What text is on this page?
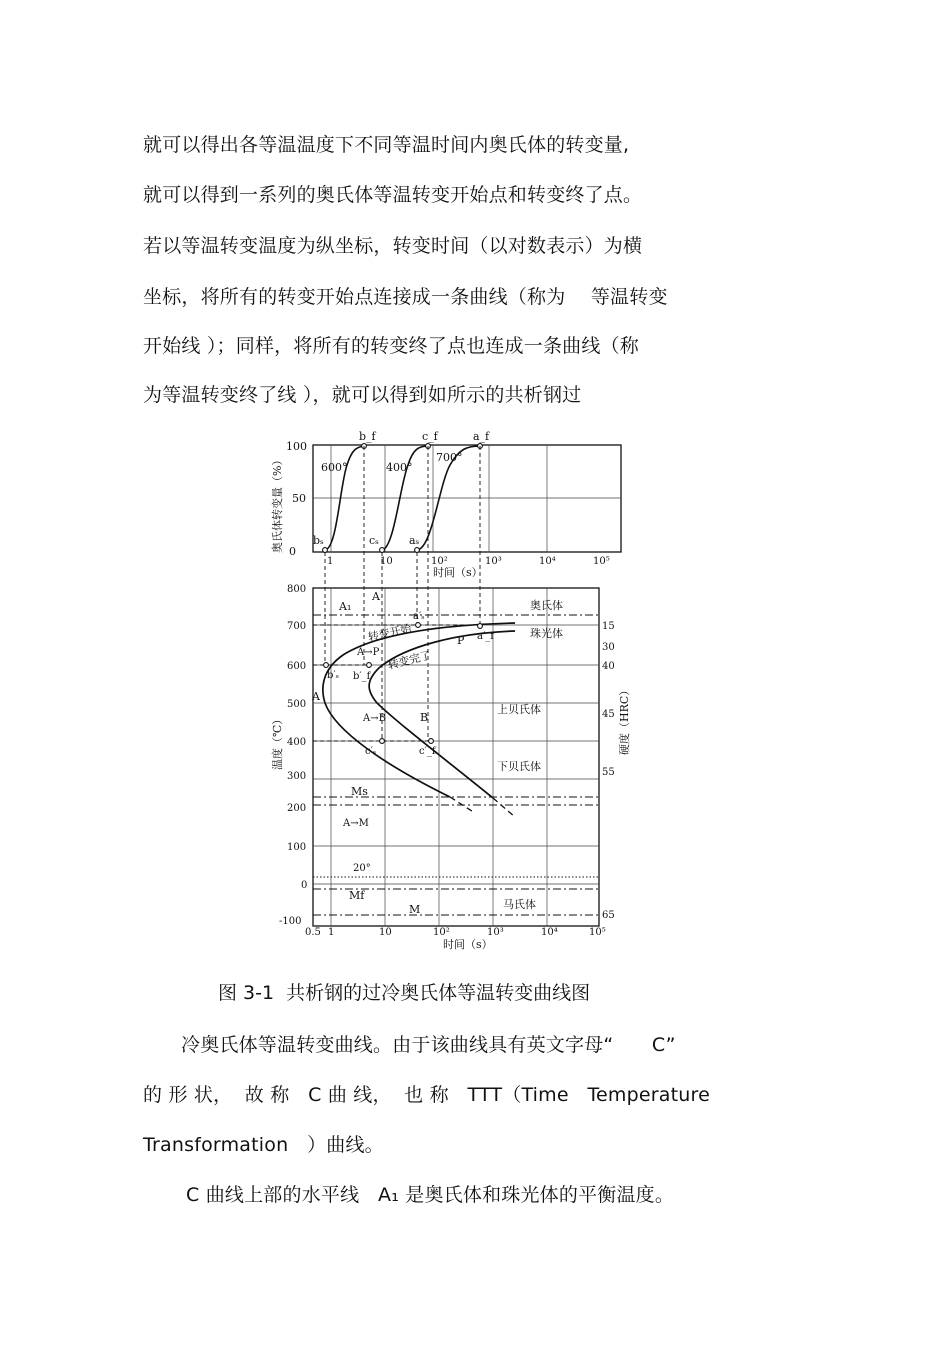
就可以得出各等温温度下不同等温时间内奥氏体的转变量,
就可以得到一系列的奥氏体等温转变开始点和转变终了点。
若以等温转变温度为纵坐标，转变时间（以对数表示）为横
坐标，将所有的转变开始点连接成一条曲线（称为　 等温转变
开始线 ）；同样，将所有的转变终了点也连成一条曲线（称
为等温转变终了线 ），就可以得到如所示的共析钢过
0
50
100
1	10	10²	10³	10⁴	10⁵
时间（s）
奥氏体转变量（%）	600°	400°
700°
bₛ	cₛ	aₛ
b_f	c_f	a_f
800
700
600
500
400
300
200
100
0
-100
0.5 1	10	10²	10³	10⁴	10⁵
时间（s）
温度（℃）	硬度（HRC）
15
30
40
45
55
65
奥氏体
珠光体
上贝氏体
下贝氏体
马氏体
转变开始
转变完了
A₁
A
A→P
P
A→B	B
Ms
A→M
20°
Mf
M
A
a′ₛ
a′_f
b′ₛ b′_f
c′ₛ	c′_f
图 3-1  共析钢的过冷奥氏体等温转变曲线图
冷奥氏体等温转变曲线。由于该曲线具有英文字母“　　C”
的 形 状，  故 称   C 曲 线，  也 称   TTT（Time   Temperature
Transformation   ）曲线。
C 曲线上部的水平线   A₁ 是奥氏体和珠光体的平衡温度。
